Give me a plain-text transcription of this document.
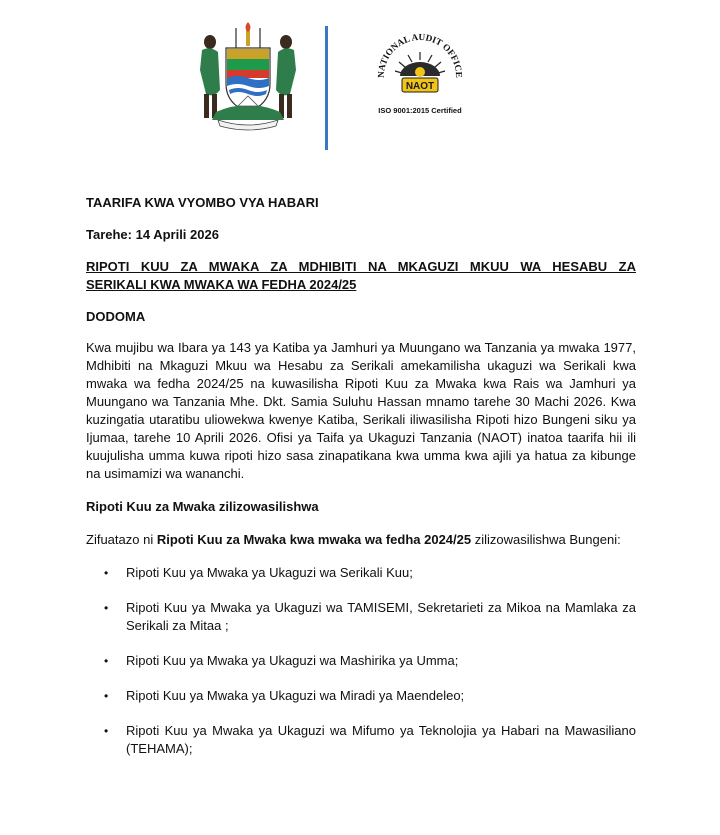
NATIONAL AUDIT OFFICE
NAOT
ISO 9001:2015 Certified

TAARIFA KWA VYOMBO VYA HABARI

Tarehe: 14 Aprili 2026

RIPOTI KUU ZA MWAKA ZA MDHIBITI NA MKAGUZI MKUU WA HESABU ZA

SERIKALI KWA MWAKA WA FEDHA 2024/25

DODOMA

Kwa mujibu wa Ibara ya 143 ya Katiba ya Jamhuri ya Muungano wa Tanzania ya mwaka 1977, Mdhibiti na Mkaguzi Mkuu wa Hesabu za Serikali amekamilisha ukaguzi wa Serikali kwa mwaka wa fedha 2024/25 na kuwasilisha Ripoti Kuu za Mwaka kwa Rais wa Jamhuri ya Muungano wa Tanzania Mhe. Dkt. Samia Suluhu Hassan mnamo tarehe 30 Machi 2026. Kwa kuzingatia utaratibu uliowekwa kwenye Katiba, Serikali iliwasilisha Ripoti hizo Bungeni siku ya Ijumaa, tarehe 10 Aprili 2026. Ofisi ya Taifa ya Ukaguzi Tanzania (NAOT) inatoa taarifa hii ili kuujulisha umma kuwa ripoti hizo sasa zinapatikana kwa umma kwa ajili ya hatua za kibunge na usimamizi wa wananchi.

Ripoti Kuu za Mwaka zilizowasilishwa

Zifuatazo ni Ripoti Kuu za Mwaka kwa mwaka wa fedha 2024/25 zilizowasilishwa Bungeni:

• Ripoti Kuu ya Mwaka ya Ukaguzi wa Serikali Kuu;
• Ripoti Kuu ya Mwaka ya Ukaguzi wa TAMISEMI, Sekretarieti za Mikoa na Mamlaka za Serikali za Mitaa ;
• Ripoti Kuu ya Mwaka ya Ukaguzi wa Mashirika ya Umma;
• Ripoti Kuu ya Mwaka ya Ukaguzi wa Miradi ya Maendeleo;
• Ripoti Kuu ya Mwaka ya Ukaguzi wa Mifumo ya Teknolojia ya Habari na Mawasiliano (TEHAMA);
